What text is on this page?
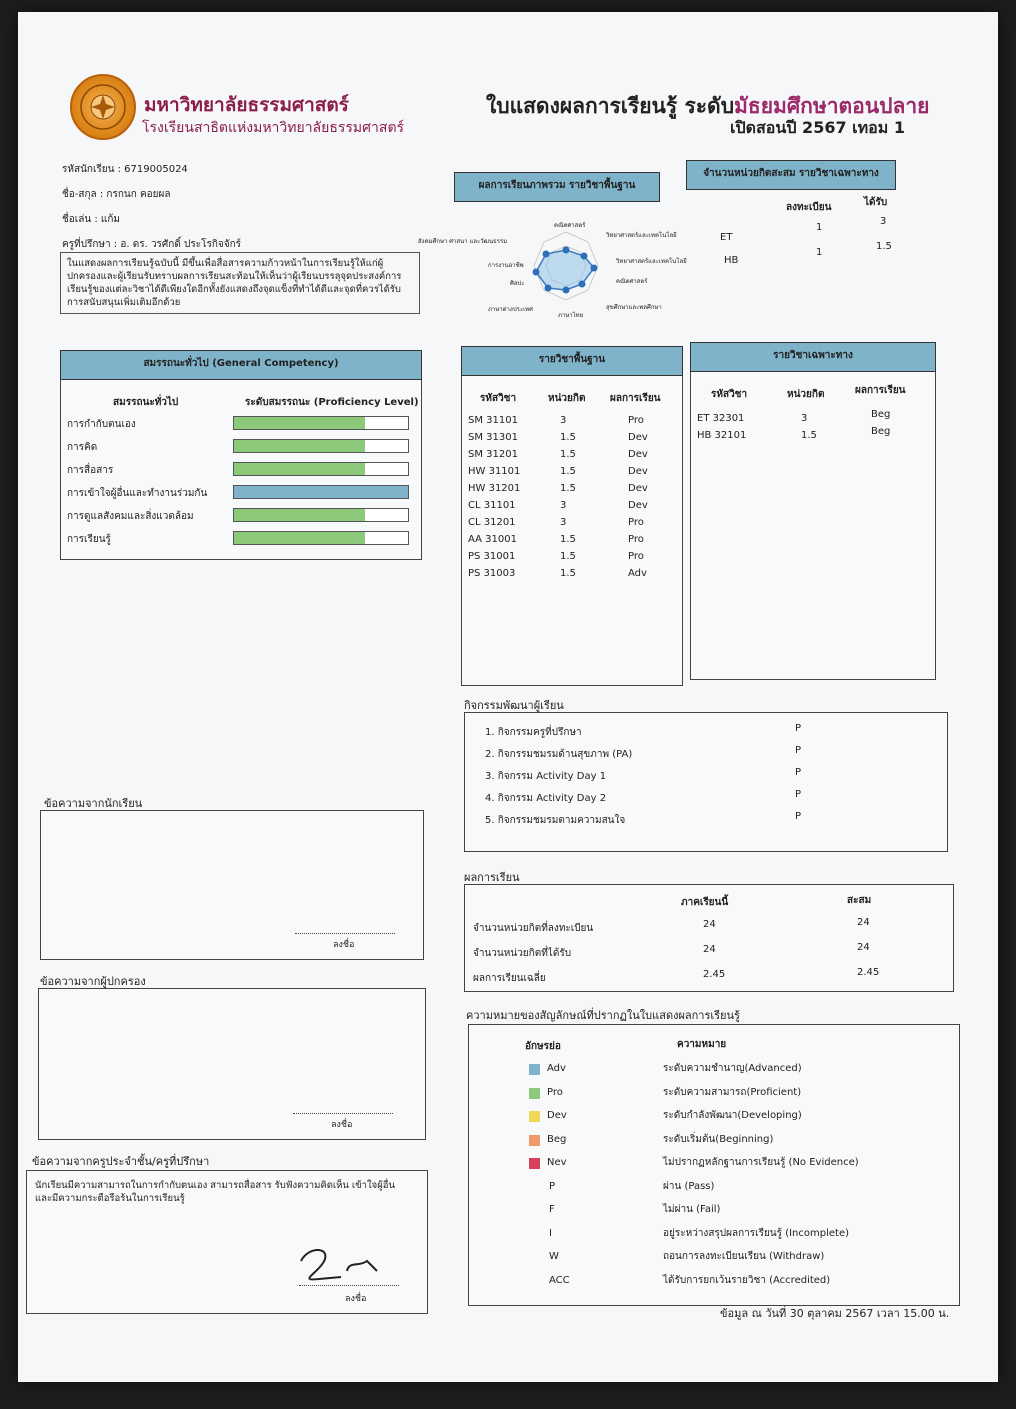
มหาวิทยาลัยธรรมศาสตร์
โรงเรียนสาธิตแห่งมหาวิทยาลัยธรรมศาสตร์
ใบแสดงผลการเรียนรู้ ระดับมัธยมศึกษาตอนปลาย
เปิดสอนปี 2567 เทอม 1
รหัสนักเรียน : 6719005024
ชื่อ-สกุล : กรกนก คอยผล
ชื่อเล่น : แก้ม
ครูที่ปรึกษา : อ. ดร. วรศักดิ์ ประโรกิจจักร์
ในแสดงผลการเรียนรู้ฉบับนี้ มีขึ้นเพื่อสื่อสารความก้าวหน้าในการเรียนรู้ให้แก่ผู้ปกครองและผู้เรียนรับทราบผลการเรียนสะท้อนให้เห็นว่าผู้เรียนบรรลุจุดประสงค์การเรียนรู้ของแต่ละวิชาได้ดีเพียงใดอีกทั้งยังแสดงถึงจุดแข็งที่ทำได้ดีและจุดที่ควรได้รับการสนับสนุนเพิ่มเติมอีกด้วย
ผลการเรียนภาพรวม รายวิชาพื้นฐาน
คณิตศาสตร์
วิทยาศาสตร์และเทคโนโลยี
วิทยาศาสตร์และเทคโนโลยี
คณิตศาสตร์
สุขศึกษาและพลศึกษา
ภาษาไทย
ภาษาต่างประเทศ
ศิลปะ
การงานอาชีพ
สังคมศึกษา ศาสนา และวัฒนธรรม
จำนวนหน่วยกิตสะสม รายวิชาเฉพาะทาง
ลงทะเบียน	ได้รับ
ET
1
3
HB
1
1.5
สมรรถนะทั่วไป (General Competency)
สมรรถนะทั่วไป	ระดับสมรรถนะ (Proficiency Level)
การกำกับตนเอง
การคิด
การสื่อสาร
การเข้าใจผู้อื่นและทำงานร่วมกัน
การดูแลสังคมและสิ่งแวดล้อม
การเรียนรู้
รายวิชาพื้นฐาน
รหัสวิชา	หน่วยกิต ผลการเรียน
SM 31101	3	Pro
SM 31301	1.5	Dev
SM 31201	1.5	Dev
HW 31101	1.5	Dev
HW 31201	1.5	Dev
CL 31101	3	Dev
CL 31201	3	Pro
AA 31001	1.5	Pro
PS 31001	1.5	Pro
PS 31003	1.5	Adv
รายวิชาเฉพาะทาง
รหัสวิชา	หน่วยกิต	ผลการเรียน
ET 32301	3	Beg
HB 32101	1.5	Beg
กิจกรรมพัฒนาผู้เรียน
1. กิจกรรมครูที่ปรึกษา	P
2. กิจกรรมชมรมด้านสุขภาพ (PA)	P
3. กิจกรรม Activity Day 1	P
4. กิจกรรม Activity Day 2	P
5. กิจกรรมชมรมตามความสนใจ	P
ผลการเรียน
ภาคเรียนนี้	สะสม
จำนวนหน่วยกิตที่ลงทะเบียน	24	24
จำนวนหน่วยกิตที่ได้รับ	24	24
ผลการเรียนเฉลี่ย	2.45	2.45
ความหมายของสัญลักษณ์ที่ปรากฏในใบแสดงผลการเรียนรู้
อักษรย่อ	ความหมาย
Adv	ระดับความชำนาญ(Advanced)
Pro	ระดับความสามารถ(Proficient)
Dev	ระดับกำลังพัฒนา(Developing)
Beg	ระดับเริ่มต้น(Beginning)
Nev	ไม่ปรากฏหลักฐานการเรียนรู้ (No Evidence)
P	ผ่าน (Pass)
F	ไม่ผ่าน (Fail)
I	อยู่ระหว่างสรุปผลการเรียนรู้ (Incomplete)
W	ถอนการลงทะเบียนเรียน (Withdraw)
ACC	ได้รับการยกเว้นรายวิชา (Accredited)
ข้อความจากนักเรียน
ลงชื่อ
ข้อความจากผู้ปกครอง
ลงชื่อ
ข้อความจากครูประจำชั้น/ครูที่ปรึกษา
นักเรียนมีความสามารถในการกำกับตนเอง สามารถสื่อสาร รับฟังความคิดเห็น เข้าใจผู้อื่น และมีความกระตือรือร้นในการเรียนรู้
ลงชื่อ
ข้อมูล ณ วันที่ 30 ตุลาคม 2567 เวลา 15.00 น.
